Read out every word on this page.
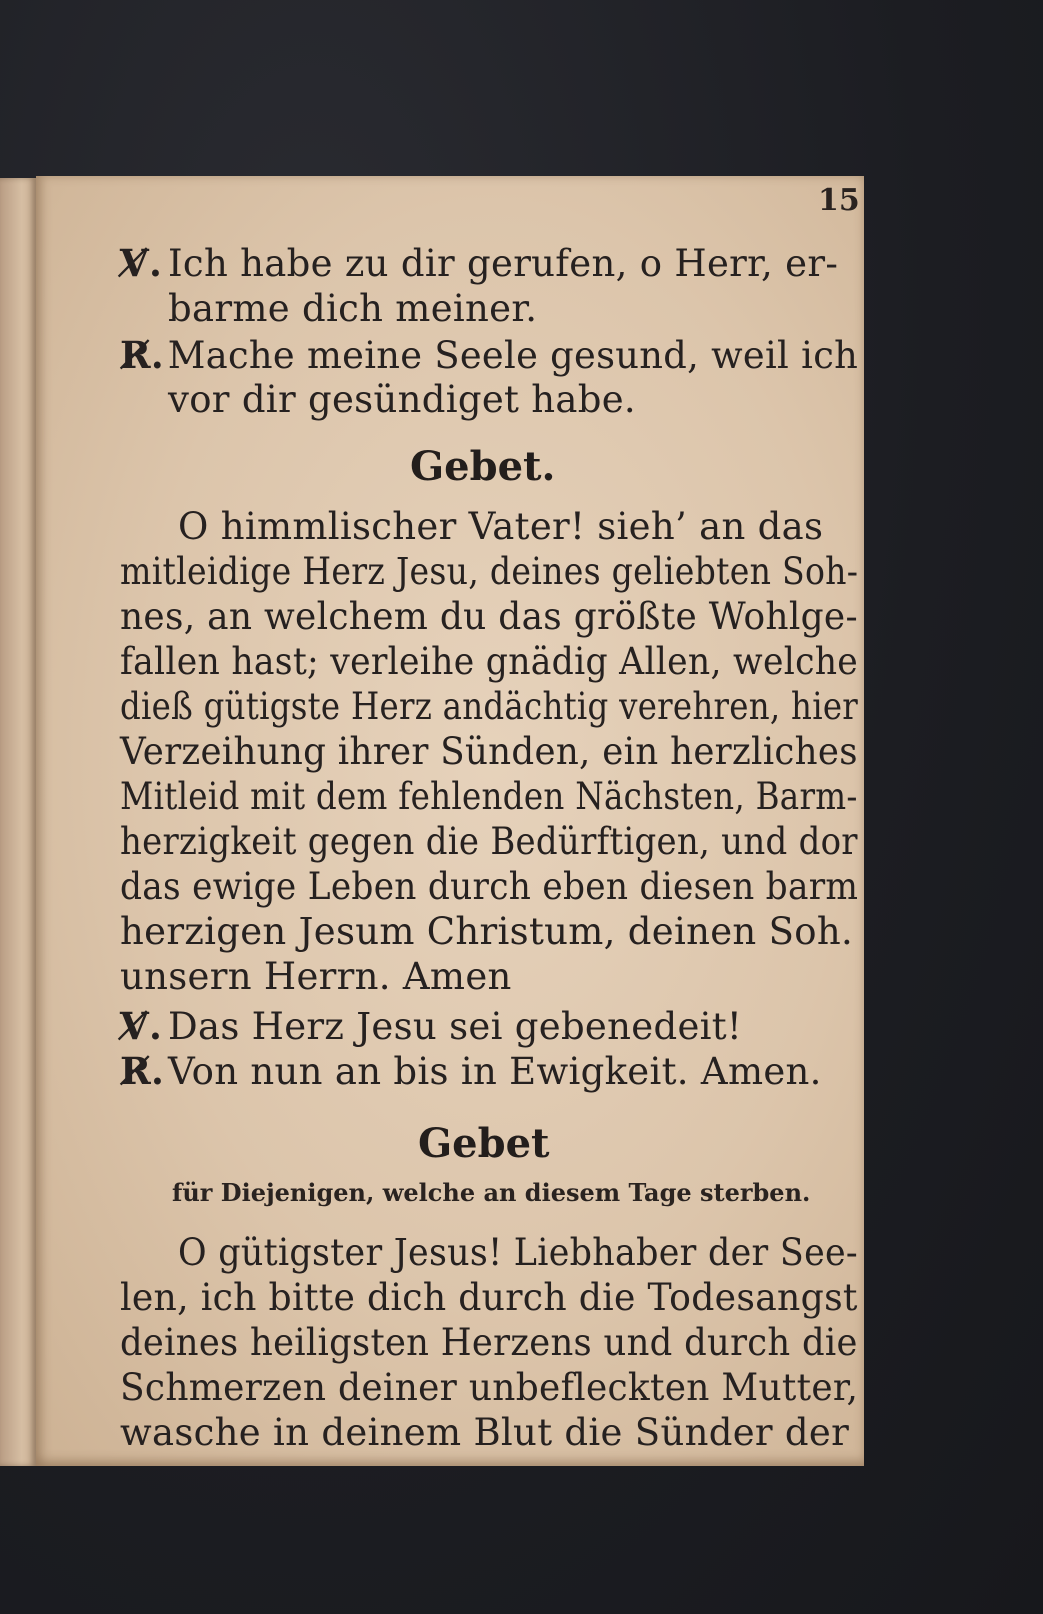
15
V̸. Ich habe zu dir gerufen, o Herr, er-
barme dich meiner.
R̸. Mache meine Seele gesund, weil ich
vor dir gesündiget habe.
Gebet.
O himmlischer Vater! sieh’ an das
mitleidige Herz Jesu, deines geliebten Soh-
nes, an welchem du das größte Wohlge-
fallen hast; verleihe gnädig Allen, welche
dieß gütigste Herz andächtig verehren, hier
Verzeihung ihrer Sünden, ein herzliches
Mitleid mit dem fehlenden Nächsten, Barm-
herzigkeit gegen die Bedürftigen, und dor
das ewige Leben durch eben diesen barm
herzigen Jesum Christum, deinen Soh.
unsern Herrn. Amen
V̸. Das Herz Jesu sei gebenedeit!
R̸. Von nun an bis in Ewigkeit. Amen.
Gebet
für Diejenigen, welche an diesem Tage sterben.
O gütigster Jesus! Liebhaber der See-
len, ich bitte dich durch die Todesangst
deines heiligsten Herzens und durch die
Schmerzen deiner unbefleckten Mutter,
wasche in deinem Blut die Sünder der
